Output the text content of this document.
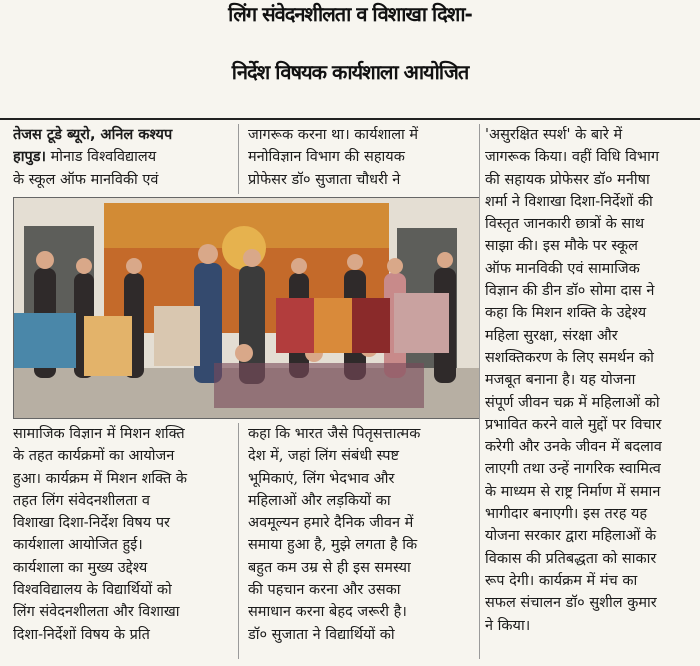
लिंग संवेदनशीलता व विशाखा दिशा-
निर्देश विषयक कार्यशाला आयोजित
तेजस टूडे ब्यूरो, अनिल कश्यप
हापुड। मोनाड विश्वविद्यालय
के स्कूल ऑफ मानविकी एवं
जागरूक करना था। कार्यशाला में
मनोविज्ञान विभाग की सहायक
प्रोफेसर डॉ० सुजाता चौधरी ने
'असुरक्षित स्पर्श' के बारे में
जागरूक किया। वहीं विधि विभाग
की सहायक प्रोफेसर डॉ० मनीषा
शर्मा ने विशाखा दिशा-निर्देशों की
विस्तृत जानकारी छात्रों के साथ
साझा की। इस मौके पर स्कूल
ऑफ मानविकी एवं सामाजिक
विज्ञान की डीन डॉ० सोमा दास ने
कहा कि मिशन शक्ति के उद्देश्य
महिला सुरक्षा, संरक्षा और
सशक्तिकरण के लिए समर्थन को
मजबूत बनाना है। यह योजना
संपूर्ण जीवन चक्र में महिलाओं को
प्रभावित करने वाले मुद्दों पर विचार
करेगी और उनके जीवन में बदलाव
लाएगी तथा उन्हें नागरिक स्वामित्व
के माध्यम से राष्ट्र निर्माण में समान
भागीदार बनाएगी। इस तरह यह
योजना सरकार द्वारा महिलाओं के
विकास की प्रतिबद्धता को साकार
रूप देगी। कार्यक्रम में मंच का
सफल संचालन डॉ० सुशील कुमार
ने किया।
सामाजिक विज्ञान में मिशन शक्ति
के तहत कार्यक्रमों का आयोजन
हुआ। कार्यक्रम में मिशन शक्ति के
तहत लिंग संवेदनशीलता व
विशाखा दिशा-निर्देश विषय पर
कार्यशाला आयोजित हुई।
कार्यशाला का मुख्य उद्देश्य
विश्वविद्यालय के विद्यार्थियों को
लिंग संवेदनशीलता और विशाखा
दिशा-निर्देशों विषय के प्रति
कहा कि भारत जैसे पितृसत्तात्मक
देश में, जहां लिंग संबंधी स्पष्ट
भूमिकाएं, लिंग भेदभाव और
महिलाओं और लड़कियों का
अवमूल्यन हमारे दैनिक जीवन में
समाया हुआ है, मुझे लगता है कि
बहुत कम उम्र से ही इस समस्या
की पहचान करना और उसका
समाधान करना बेहद जरूरी है।
डॉ० सुजाता ने विद्यार्थियों को
